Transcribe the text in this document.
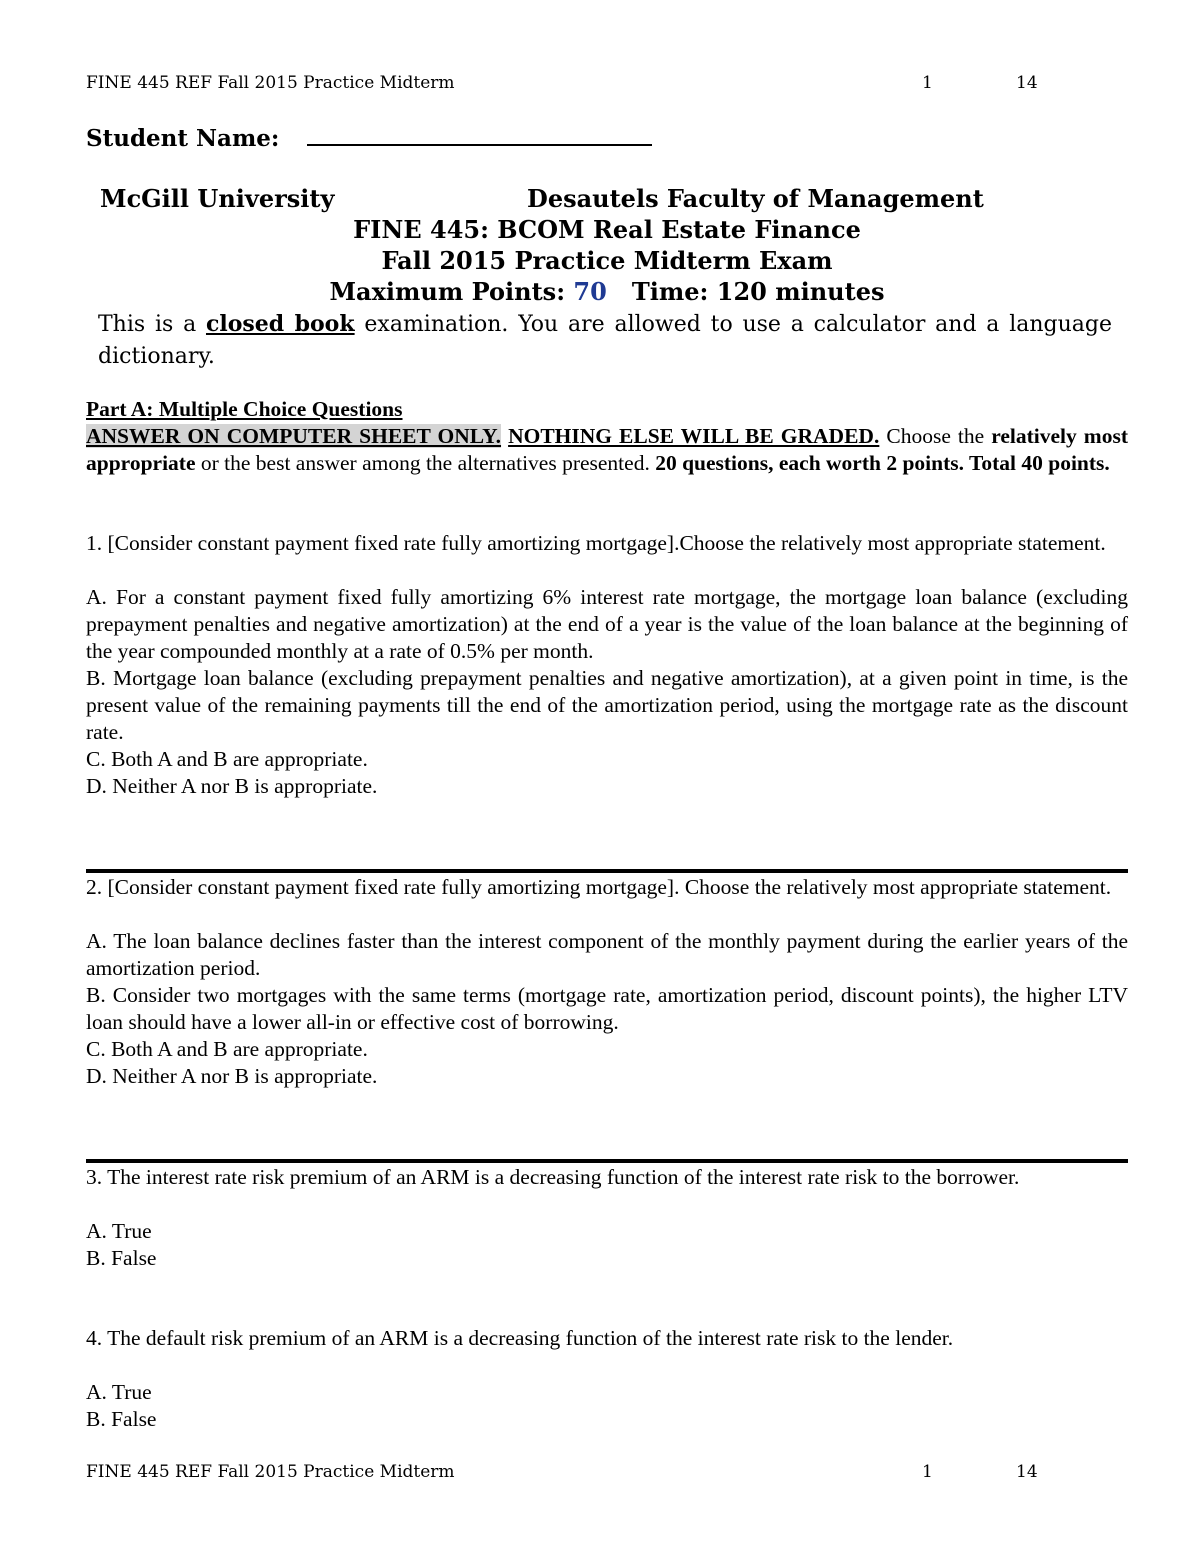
FINE 445 REF Fall 2015 Practice Midterm	1	14
Student Name:
McGill University	Desautels Faculty of Management
FINE 445: BCOM Real Estate Finance
Fall 2015 Practice Midterm Exam
Maximum Points: 70 Time: 120 minutes
This is a closed book examination. You are allowed to use a calculator and a language dictionary.

Part A: Multiple Choice Questions

ANSWER ON COMPUTER SHEET ONLY. NOTHING ELSE WILL BE GRADED. Choose the relatively most appropriate or the best answer among the alternatives presented. 20 questions, each worth 2 points. Total 40 points.

1. [Consider constant payment fixed rate fully amortizing mortgage].Choose the relatively most appropriate statement.

A. For a constant payment fixed fully amortizing 6% interest rate mortgage, the mortgage loan balance (excluding prepayment penalties and negative amortization) at the end of a year is the value of the loan balance at the beginning of the year compounded monthly at a rate of 0.5% per month.

B. Mortgage loan balance (excluding prepayment penalties and negative amortization), at a given point in time, is the present value of the remaining payments till the end of the amortization period, using the mortgage rate as the discount rate.

C. Both A and B are appropriate.

D. Neither A nor B is appropriate.

2. [Consider constant payment fixed rate fully amortizing mortgage]. Choose the relatively most appropriate statement.

A. The loan balance declines faster than the interest component of the monthly payment during the earlier years of the amortization period.

B. Consider two mortgages with the same terms (mortgage rate, amortization period, discount points), the higher LTV loan should have a lower all-in or effective cost of borrowing.

C. Both A and B are appropriate.

D. Neither A nor B is appropriate.

3. The interest rate risk premium of an ARM is a decreasing function of the interest rate risk to the borrower.

A. True

B. False

4. The default risk premium of an ARM is a decreasing function of the interest rate risk to the lender.

A. True

B. False

FINE 445 REF Fall 2015 Practice Midterm	1	14
